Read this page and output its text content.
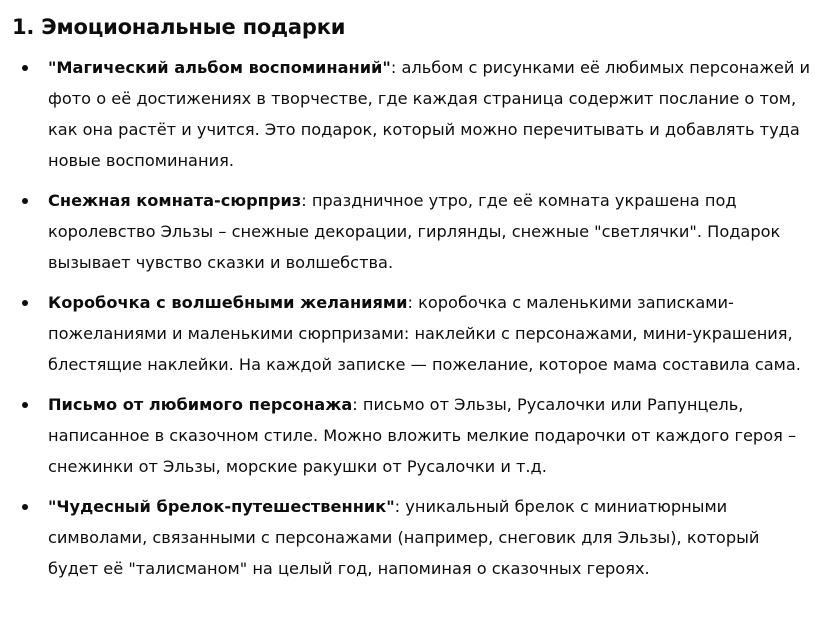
1. Эмоциональные подарки
"Магический альбом воспоминаний": альбом с рисунками её любимых персонажей и фото о её достижениях в творчестве, где каждая страница содержит послание о том, как она растёт и учится. Это подарок, который можно перечитывать и добавлять туда новые воспоминания.
Снежная комната-сюрприз: праздничное утро, где её комната украшена под королевство Эльзы – снежные декорации, гирлянды, снежные "светлячки". Подарок вызывает чувство сказки и волшебства.
Коробочка с волшебными желаниями: коробочка с маленькими записками-пожеланиями и маленькими сюрпризами: наклейки с персонажами, мини-украшения, блестящие наклейки. На каждой записке — пожелание, которое мама составила сама.
Письмо от любимого персонажа: письмо от Эльзы, Русалочки или Рапунцель, написанное в сказочном стиле. Можно вложить мелкие подарочки от каждого героя – снежинки от Эльзы, морские ракушки от Русалочки и т.д.
"Чудесный брелок-путешественник": уникальный брелок с миниатюрными символами, связанными с персонажами (например, снеговик для Эльзы), который будет её "талисманом" на целый год, напоминая о сказочных героях.
